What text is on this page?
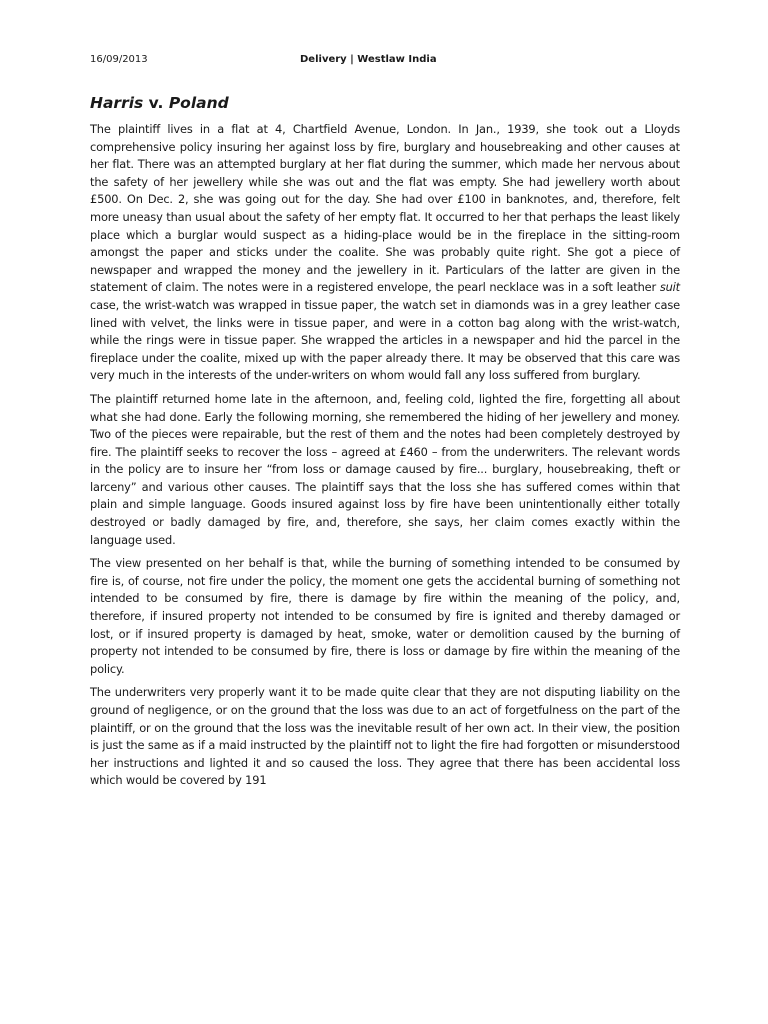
16/09/2013	Delivery | Westlaw India
Harris v. Poland

The plaintiff lives in a flat at 4, Chartfield Avenue, London. In Jan., 1939, she took out a Lloyds comprehensive policy insuring her against loss by fire, burglary and housebreaking and other causes at her flat. There was an attempted burglary at her flat during the summer, which made her nervous about the safety of her jewellery while she was out and the flat was empty. She had jewellery worth about £500. On Dec. 2, she was going out for the day. She had over £100 in banknotes, and, therefore, felt more uneasy than usual about the safety of her empty flat. It occurred to her that perhaps the least likely place which a burglar would suspect as a hiding-place would be in the fireplace in the sitting-room amongst the paper and sticks under the coalite. She was probably quite right. She got a piece of newspaper and wrapped the money and the jewellery in it. Particulars of the latter are given in the statement of claim. The notes were in a registered envelope, the pearl necklace was in a soft leather suit case, the wrist-watch was wrapped in tissue paper, the watch set in diamonds was in a grey leather case lined with velvet, the links were in tissue paper, and were in a cotton bag along with the wrist-watch, while the rings were in tissue paper. She wrapped the articles in a newspaper and hid the parcel in the fireplace under the coalite, mixed up with the paper already there. It may be observed that this care was very much in the interests of the under-writers on whom would fall any loss suffered from burglary.

The plaintiff returned home late in the afternoon, and, feeling cold, lighted the fire, forgetting all about what she had done. Early the following morning, she remembered the hiding of her jewellery and money. Two of the pieces were repairable, but the rest of them and the notes had been completely destroyed by fire. The plaintiff seeks to recover the loss – agreed at £460 – from the underwriters. The relevant words in the policy are to insure her “from loss or damage caused by fire... burglary, housebreaking, theft or larceny” and various other causes. The plaintiff says that the loss she has suffered comes within that plain and simple language. Goods insured against loss by fire have been unintentionally either totally destroyed or badly damaged by fire, and, therefore, she says, her claim comes exactly within the language used.

The view presented on her behalf is that, while the burning of something intended to be consumed by fire is, of course, not fire under the policy, the moment one gets the accidental burning of something not intended to be consumed by fire, there is damage by fire within the meaning of the policy, and, therefore, if insured property not intended to be consumed by fire is ignited and thereby damaged or lost, or if insured property is damaged by heat, smoke, water or demolition caused by the burning of property not intended to be consumed by fire, there is loss or damage by fire within the meaning of the policy.

The underwriters very properly want it to be made quite clear that they are not disputing liability on the ground of negligence, or on the ground that the loss was due to an act of forgetfulness on the part of the plaintiff, or on the ground that the loss was the inevitable result of her own act. In their view, the position is just the same as if a maid instructed by the plaintiff not to light the fire had forgotten or misunderstood her instructions and lighted it and so caused the loss. They agree that there has been accidental loss which would be covered by 191
